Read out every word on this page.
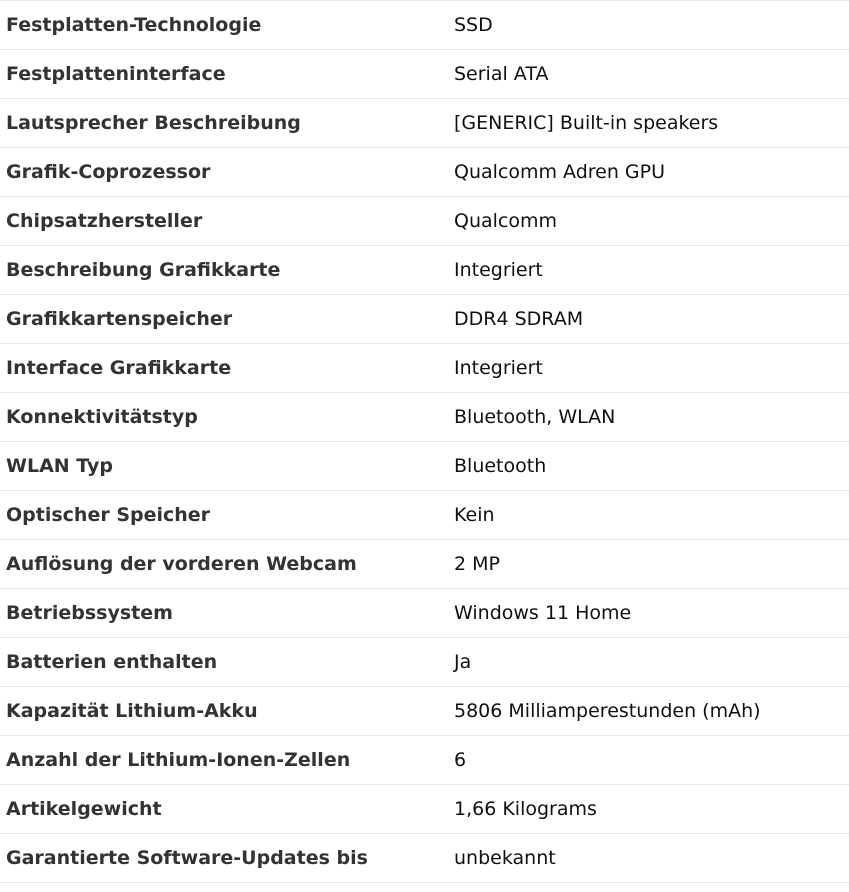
Festplatten-Technologie	SSD
Festplatteninterface	Serial ATA
Lautsprecher Beschreibung	[GENERIC] Built-in speakers
Grafik-Coprozessor	Qualcomm Adren GPU
Chipsatzhersteller	Qualcomm
Beschreibung Grafikkarte	Integriert
Grafikkartenspeicher	DDR4 SDRAM
Interface Grafikkarte	Integriert
Konnektivitätstyp	Bluetooth, WLAN
WLAN Typ	Bluetooth
Optischer Speicher	Kein
Auflösung der vorderen Webcam	2 MP
Betriebssystem	Windows 11 Home
Batterien enthalten	Ja
Kapazität Lithium-Akku	5806 Milliamperestunden (mAh)
Anzahl der Lithium-Ionen-Zellen	6
Artikelgewicht	1,66 Kilograms
Garantierte Software-Updates bis	unbekannt
